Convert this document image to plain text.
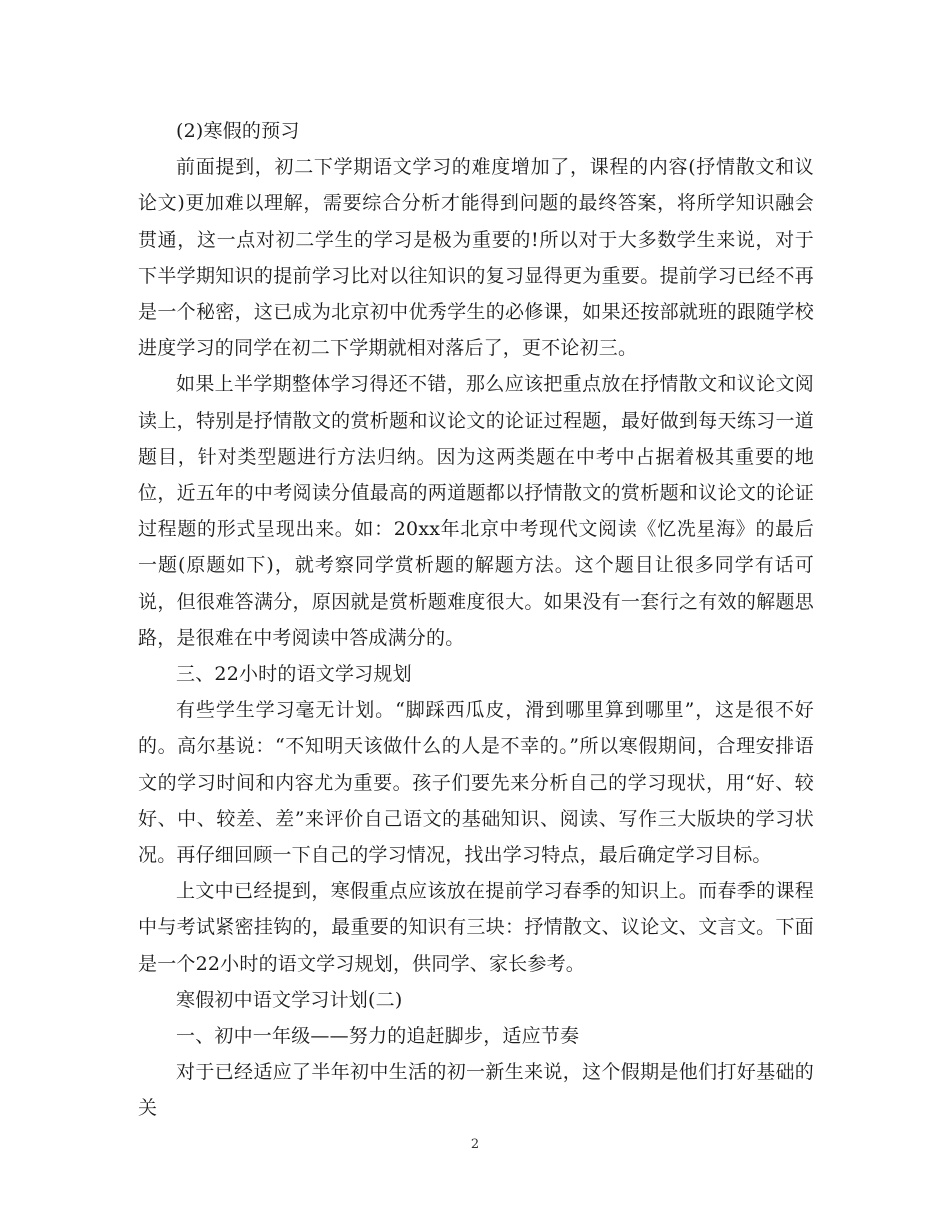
(2)寒假的预习

前面提到，初二下学期语文学习的难度增加了，课程的内容(抒情散文和议论文)更加难以理解，需要综合分析才能得到问题的最终答案，将所学知识融会贯通，这一点对初二学生的学习是极为重要的!所以对于大多数学生来说，对于下半学期知识的提前学习比对以往知识的复习显得更为重要。提前学习已经不再是一个秘密，这已成为北京初中优秀学生的必修课，如果还按部就班的跟随学校进度学习的同学在初二下学期就相对落后了，更不论初三。

如果上半学期整体学习得还不错，那么应该把重点放在抒情散文和议论文阅读上，特别是抒情散文的赏析题和议论文的论证过程题，最好做到每天练习一道题目，针对类型题进行方法归纳。因为这两类题在中考中占据着极其重要的地位，近五年的中考阅读分值最高的两道题都以抒情散文的赏析题和议论文的论证过程题的形式呈现出来。如：20xx年北京中考现代文阅读《忆冼星海》的最后一题(原题如下)，就考察同学赏析题的解题方法。这个题目让很多同学有话可说，但很难答满分，原因就是赏析题难度很大。如果没有一套行之有效的解题思路，是很难在中考阅读中答成满分的。

三、22小时的语文学习规划

有些学生学习毫无计划。“脚踩西瓜皮，滑到哪里算到哪里”，这是很不好的。高尔基说：“不知明天该做什么的人是不幸的。”所以寒假期间，合理安排语文的学习时间和内容尤为重要。孩子们要先来分析自己的学习现状，用“好、较好、中、较差、差”来评价自己语文的基础知识、阅读、写作三大版块的学习状况。再仔细回顾一下自己的学习情况，找出学习特点，最后确定学习目标。

上文中已经提到，寒假重点应该放在提前学习春季的知识上。而春季的课程中与考试紧密挂钩的，最重要的知识有三块：抒情散文、议论文、文言文。下面是一个22小时的语文学习规划，供同学、家长参考。

寒假初中语文学习计划(二)

一、初中一年级——努力的追赶脚步，适应节奏

对于已经适应了半年初中生活的初一新生来说，这个假期是他们打好基础的关

2
